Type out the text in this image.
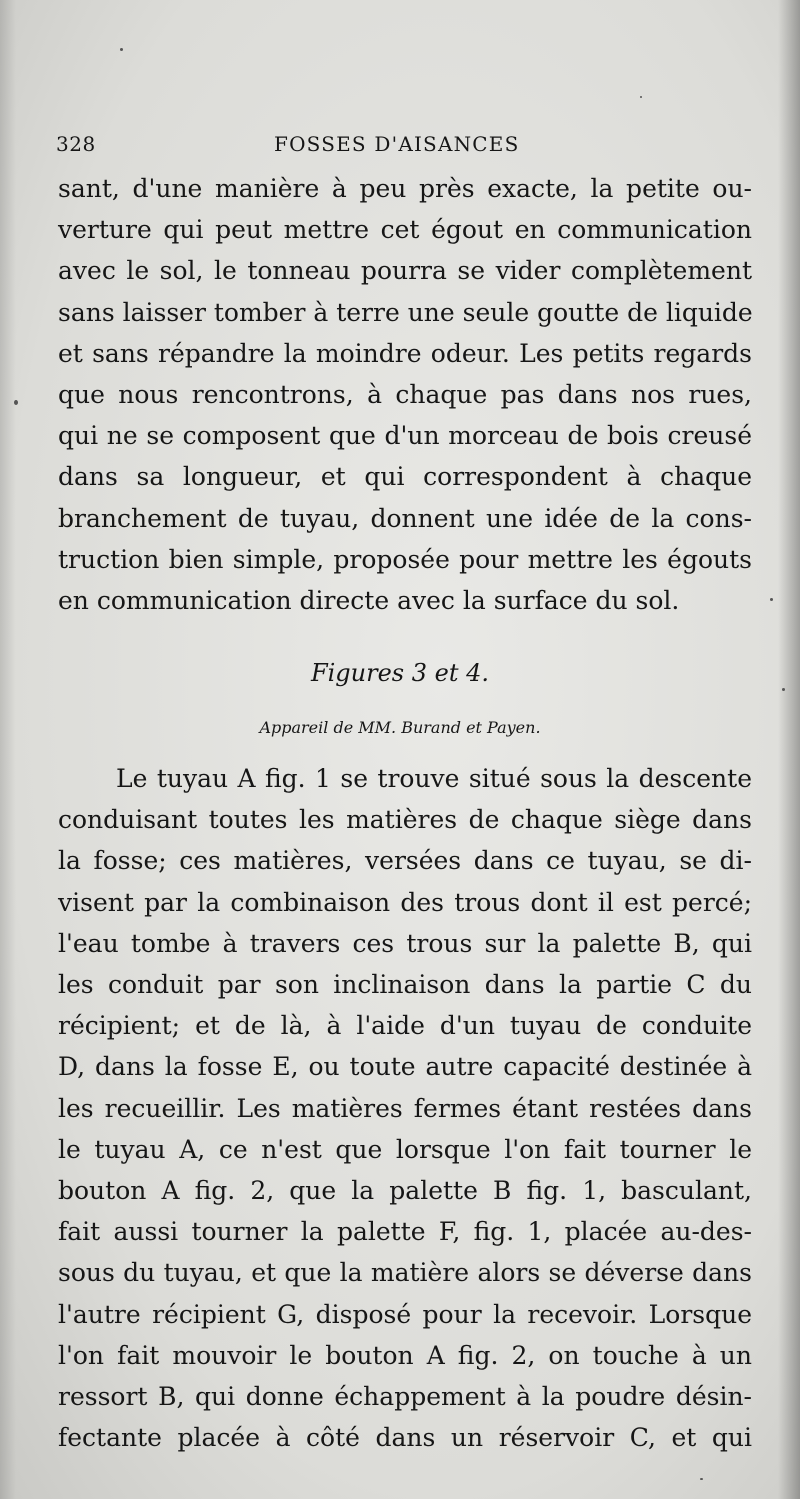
328	FOSSES D'AISANCES
sant, d'une manière à peu près exacte, la petite ou-
verture qui peut mettre cet égout en communication
avec le sol, le tonneau pourra se vider complètement
sans laisser tomber à terre une seule goutte de liquide
et sans répandre la moindre odeur. Les petits regards
que nous rencontrons, à chaque pas dans nos rues,
qui ne se composent que d'un morceau de bois creusé
dans sa longueur, et qui correspondent à chaque
branchement de tuyau, donnent une idée de la cons-
truction bien simple, proposée pour mettre les égouts
en communication directe avec la surface du sol.
Figures 3 et 4.
Appareil de MM. Burand et Payen.
Le tuyau A fig. 1 se trouve situé sous la descente
conduisant toutes les matières de chaque siège dans
la fosse; ces matières, versées dans ce tuyau, se di-
visent par la combinaison des trous dont il est percé;
l'eau tombe à travers ces trous sur la palette B, qui
les conduit par son inclinaison dans la partie C du
récipient; et de là, à l'aide d'un tuyau de conduite
D, dans la fosse E, ou toute autre capacité destinée à
les recueillir. Les matières fermes étant restées dans
le tuyau A, ce n'est que lorsque l'on fait tourner le
bouton A fig. 2, que la palette B fig. 1, basculant,
fait aussi tourner la palette F, fig. 1, placée au-des-
sous du tuyau, et que la matière alors se déverse dans
l'autre récipient G, disposé pour la recevoir. Lorsque
l'on fait mouvoir le bouton A fig. 2, on touche à un
ressort B, qui donne échappement à la poudre désin-
fectante placée à côté dans un réservoir C, et qui
